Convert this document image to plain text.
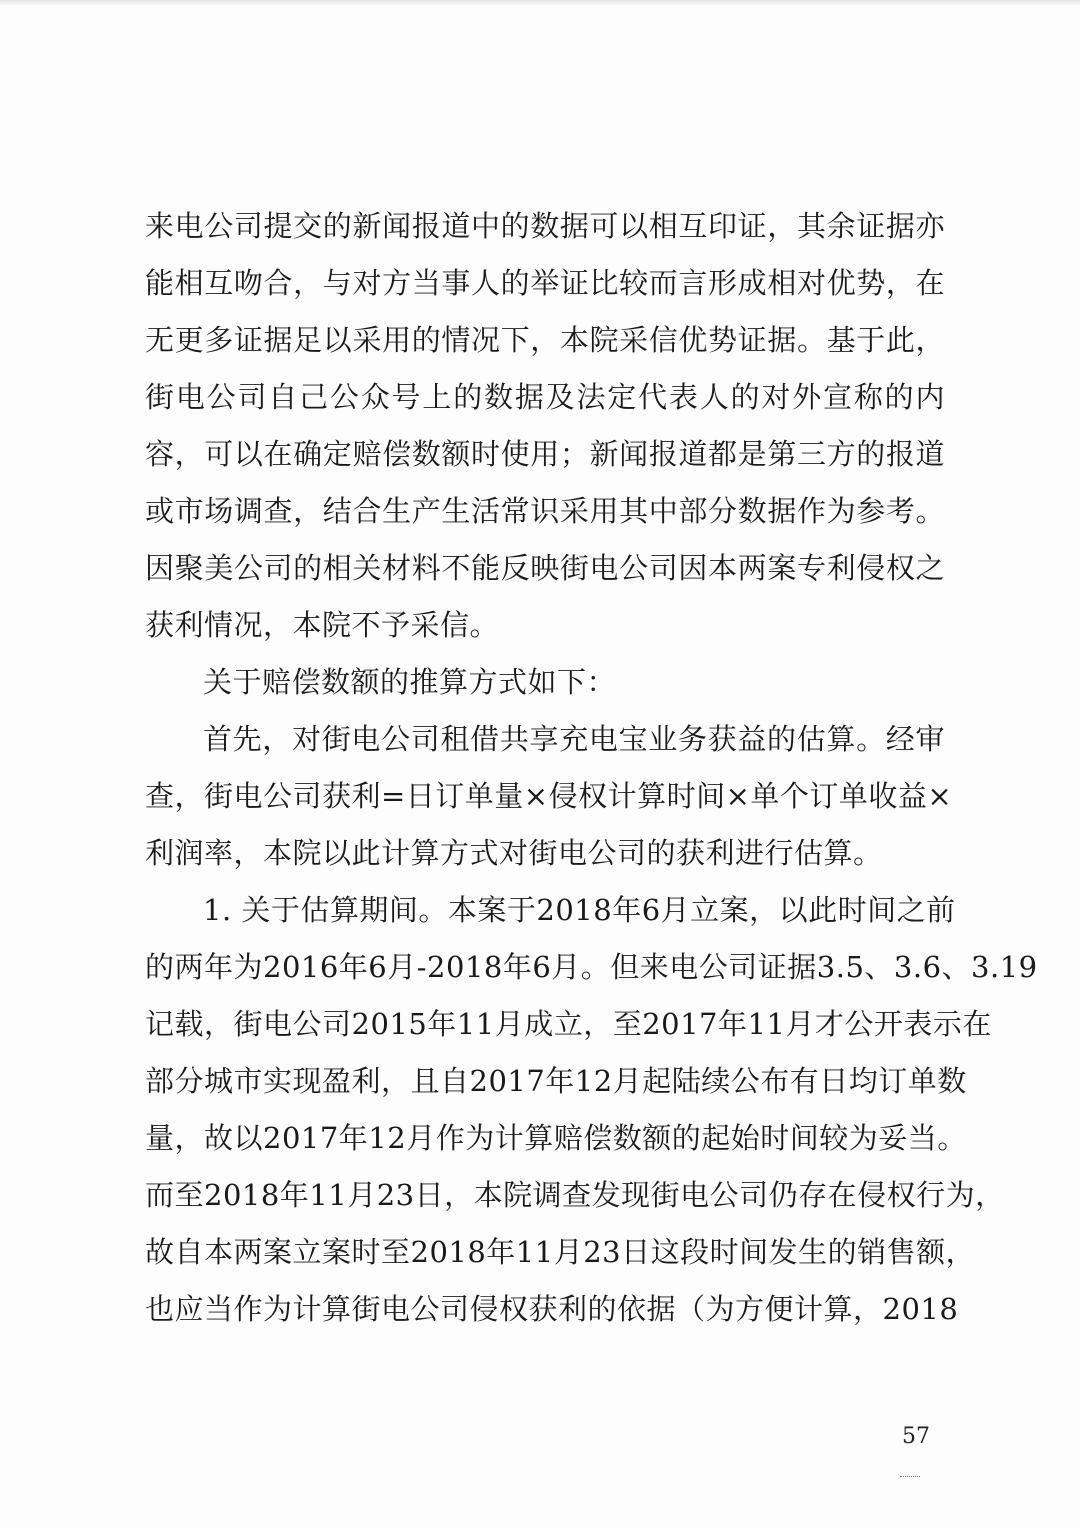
来电公司提交的新闻报道中的数据可以相互印证，其余证据亦
能相互吻合，与对方当事人的举证比较而言形成相对优势，在
无更多证据足以采用的情况下，本院采信优势证据。基于此，
街电公司自己公众号上的数据及法定代表人的对外宣称的内
容，可以在确定赔偿数额时使用；新闻报道都是第三方的报道
或市场调查，结合生产生活常识采用其中部分数据作为参考。
因聚美公司的相关材料不能反映街电公司因本两案专利侵权之
获利情况，本院不予采信。
关于赔偿数额的推算方式如下：
首先，对街电公司租借共享充电宝业务获益的估算。经审
查，街电公司获利=日订单量×侵权计算时间×单个订单收益×
利润率，本院以此计算方式对街电公司的获利进行估算。
1. 关于估算期间。本案于2018年6月立案，以此时间之前
的两年为2016年6月-2018年6月。但来电公司证据3.5、3.6、3.19
记载，街电公司2015年11月成立，至2017年11月才公开表示在
部分城市实现盈利，且自2017年12月起陆续公布有日均订单数
量，故以2017年12月作为计算赔偿数额的起始时间较为妥当。
而至2018年11月23日，本院调查发现街电公司仍存在侵权行为，
故自本两案立案时至2018年11月23日这段时间发生的销售额，
也应当作为计算街电公司侵权获利的依据（为方便计算，2018
57
